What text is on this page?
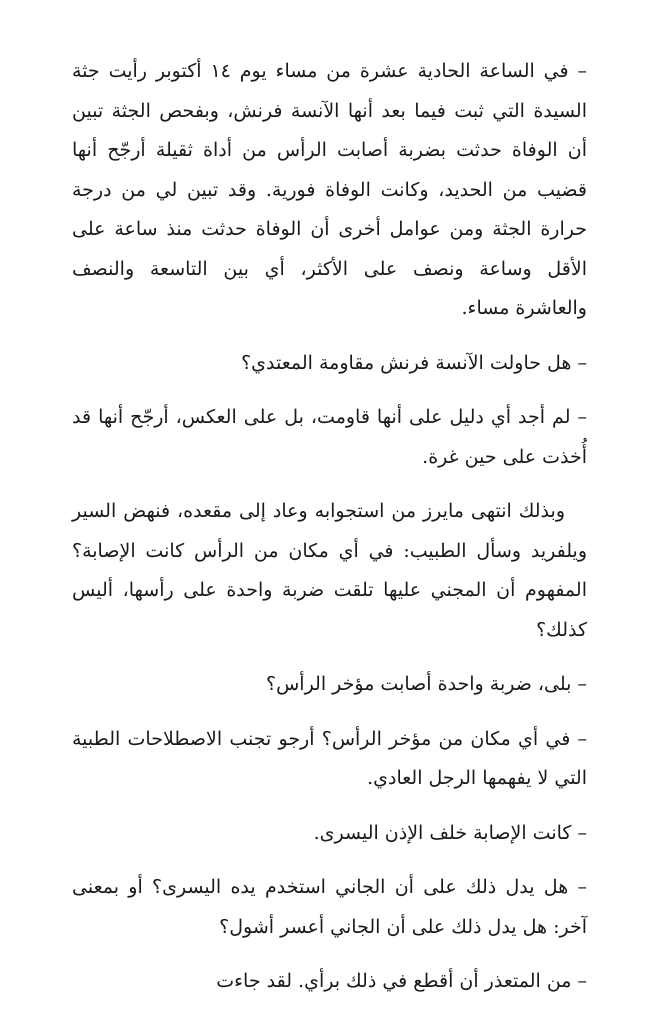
– في الساعة الحادية عشرة من مساء يوم ١٤ أكتوبر رأيت جثة السيدة التي ثبت فيما بعد أنها الآنسة فرنش، وبفحص الجثة تبين أن الوفاة حدثت بضربة أصابت الرأس من أداة ثقيلة أرجّح أنها قضيب من الحديد، وكانت الوفاة فورية. وقد تبين لي من درجة حرارة الجثة ومن عوامل أخرى أن الوفاة حدثت منذ ساعة على الأقل وساعة ونصف على الأكثر، أي بين التاسعة والنصف والعاشرة مساء.

– هل حاولت الآنسة فرنش مقاومة المعتدي؟

– لم أجد أي دليل على أنها قاومت، بل على العكس، أرجّح أنها قد أُخذت على حين غرة.

وبذلك انتهى مايرز من استجوابه وعاد إلى مقعده، فنهض السير ويلفريد وسأل الطبيب: في أي مكان من الرأس كانت الإصابة؟ المفهوم أن المجني عليها تلقت ضربة واحدة على رأسها، أليس كذلك؟

– بلى، ضربة واحدة أصابت مؤخر الرأس؟

– في أي مكان من مؤخر الرأس؟ أرجو تجنب الاصطلاحات الطبية التي لا يفهمها الرجل العادي.

– كانت الإصابة خلف الإذن اليسرى.

– هل يدل ذلك على أن الجاني استخدم يده اليسرى؟ أو بمعنى آخر: هل يدل ذلك على أن الجاني أعسر أشول؟

– من المتعذر أن أقطع في ذلك برأي. لقد جاءت
